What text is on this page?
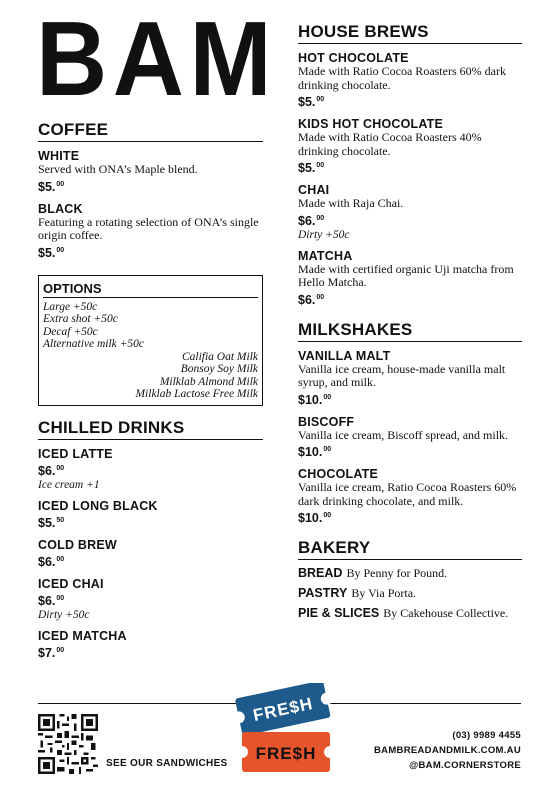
BAM
COFFEE
WHITE
Served with ONA’s Maple blend.
$5.00
BLACK
Featuring a rotating selection of ONA’s single origin coffee.
$5.00
OPTIONS
Large +50c
Extra shot +50c
Decaf +50c
Alternative milk +50c
Califia Oat Milk
Bonsoy Soy Milk
Milklab Almond Milk
Milklab Lactose Free Milk
CHILLED DRINKS
ICED LATTE
$6.00
Ice cream +1
ICED LONG BLACK
$5.50
COLD BREW
$6.00
ICED CHAI
$6.00
Dirty +50c
ICED MATCHA
$7.00
HOUSE BREWS
HOT CHOCOLATE
Made with Ratio Cocoa Roasters 60% dark drinking chocolate.
$5.00
KIDS HOT CHOCOLATE
Made with Ratio Cocoa Roasters 40% drinking chocolate.
$5.00
CHAI
Made with Raja Chai.
$6.00
Dirty +50c
MATCHA
Made with certified organic Uji matcha from Hello Matcha.
$6.00
MILKSHAKES
VANILLA MALT
Vanilla ice cream, house-made vanilla malt syrup, and milk.
$10.00
BISCOFF
Vanilla ice cream, Biscoff spread, and milk.
$10.00
CHOCOLATE
Vanilla ice cream, Ratio Cocoa Roasters 60% dark drinking chocolate, and milk.
$10.00
BAKERY
BREAD By Penny for Pound.
PASTRY By Via Porta.
PIE & SLICES By Cakehouse Collective.
SEE OUR SANDWICHES
FRE$H
FRE$H
(03) 9989 4455
BAMBREADANDMILK.COM.AU
@BAM.CORNERSTORE
